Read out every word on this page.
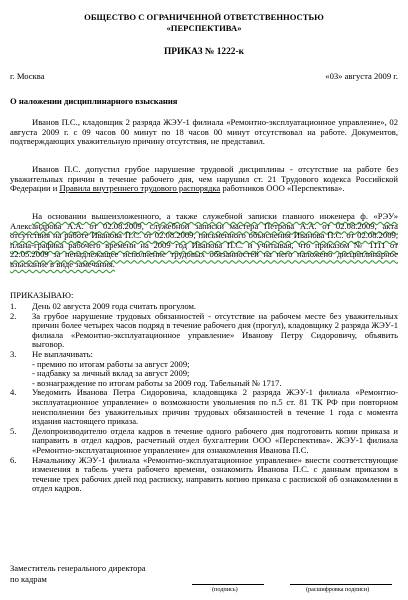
ОБЩЕСТВО С ОГРАНИЧЕННОЙ ОТВЕТСТВЕННОСТЬЮ
«ПЕРСПЕКТИВА»
ПРИКАЗ № 1222-к
г. Москва	«03» августа 2009 г.
О наложении дисциплинарного взыскания
Иванов П.С., кладовщик 2 разряда ЖЭУ-1 филиала «Ремонтно-эксплуатационное управление», 02 августа 2009 г. с 09 часов 00 минут по 18 часов 00 минут отсутствовал на работе. Документов, подтверждающих уважительную причину отсутствия, не представил.
Иванов П.С. допустил грубое нарушение трудовой дисциплины - отсутствие на работе без уважительных причин в течение рабочего дня, чем нарушил ст. 21 Трудового кодекса Российской Федерации и Правила внутреннего трудового распорядка работников ООО «Перспектива».
На основании вышеизложенного, а также служебной записки главного инженера ф. «РЭУ» Александрова А.А. от 02.08.2009, служебной записки мастера Петрова А.А. от 02.08.2009, акта отсутствия на работе Иванова П.С. от 02.08.2009, письменного объяснения Иванова П.С. от 02.08.2009, плана-графика рабочего времени на 2009 год Иванова П.С. и учитывая, что приказом № 1111 от 22.05.2009 за ненадлежащее исполнение трудовых обязанностей на него наложено дисциплинарное взыскание в виде замечания.
ПРИКАЗЫВАЮ:

1. День 02 августа 2009 года считать прогулом.

2. За грубое нарушение трудовых обязанностей - отсутствие на рабочем месте без уважительных причин более четырех часов подряд в течение рабочего дня (прогул), кладовщику 2 разряда ЖЭУ-1 филиала «Ремонтно-эксплуатационное управление» Иванову Петру Сидоровичу, объявить выговор.

3. Не выплачивать:

- премию по итогам работы за август 2009;

- надбавку за личный вклад за август 2009;

- вознаграждение по итогам работы за 2009 год. Табельный № 1717.

4. Уведомить Иванова Петра Сидоровича, кладовщика 2 разряда ЖЭУ-1 филиала «Ремонтно-эксплуатационное управление» о возможности увольнения по п.5 ст. 81 ТК РФ при повторном неисполнении без уважительных причин трудовых обязанностей в течение 1 года с момента издания настоящего приказа.

5. Делопроизводителю отдела кадров в течение одного рабочего дня подготовить копии приказа и направить в отдел кадров, расчетный отдел бухгалтерии ООО «Перспектива». ЖЭУ-1 филиала «Ремонтно-эксплуатационное управление» для ознакомления Иванова П.С.

6. Начальнику ЖЭУ-1 филиала «Ремонтно-эксплуатационное управление» внести соответствующие изменения в табель учета рабочего времени, ознакомить Иванова П.С. с данным приказом в течение трех рабочих дней под расписку, направить копию приказа с распиской об ознакомлении в отдел кадров.

Заместитель генерального директора
по кадрам
(подпись)	(расшифровка подписи)
